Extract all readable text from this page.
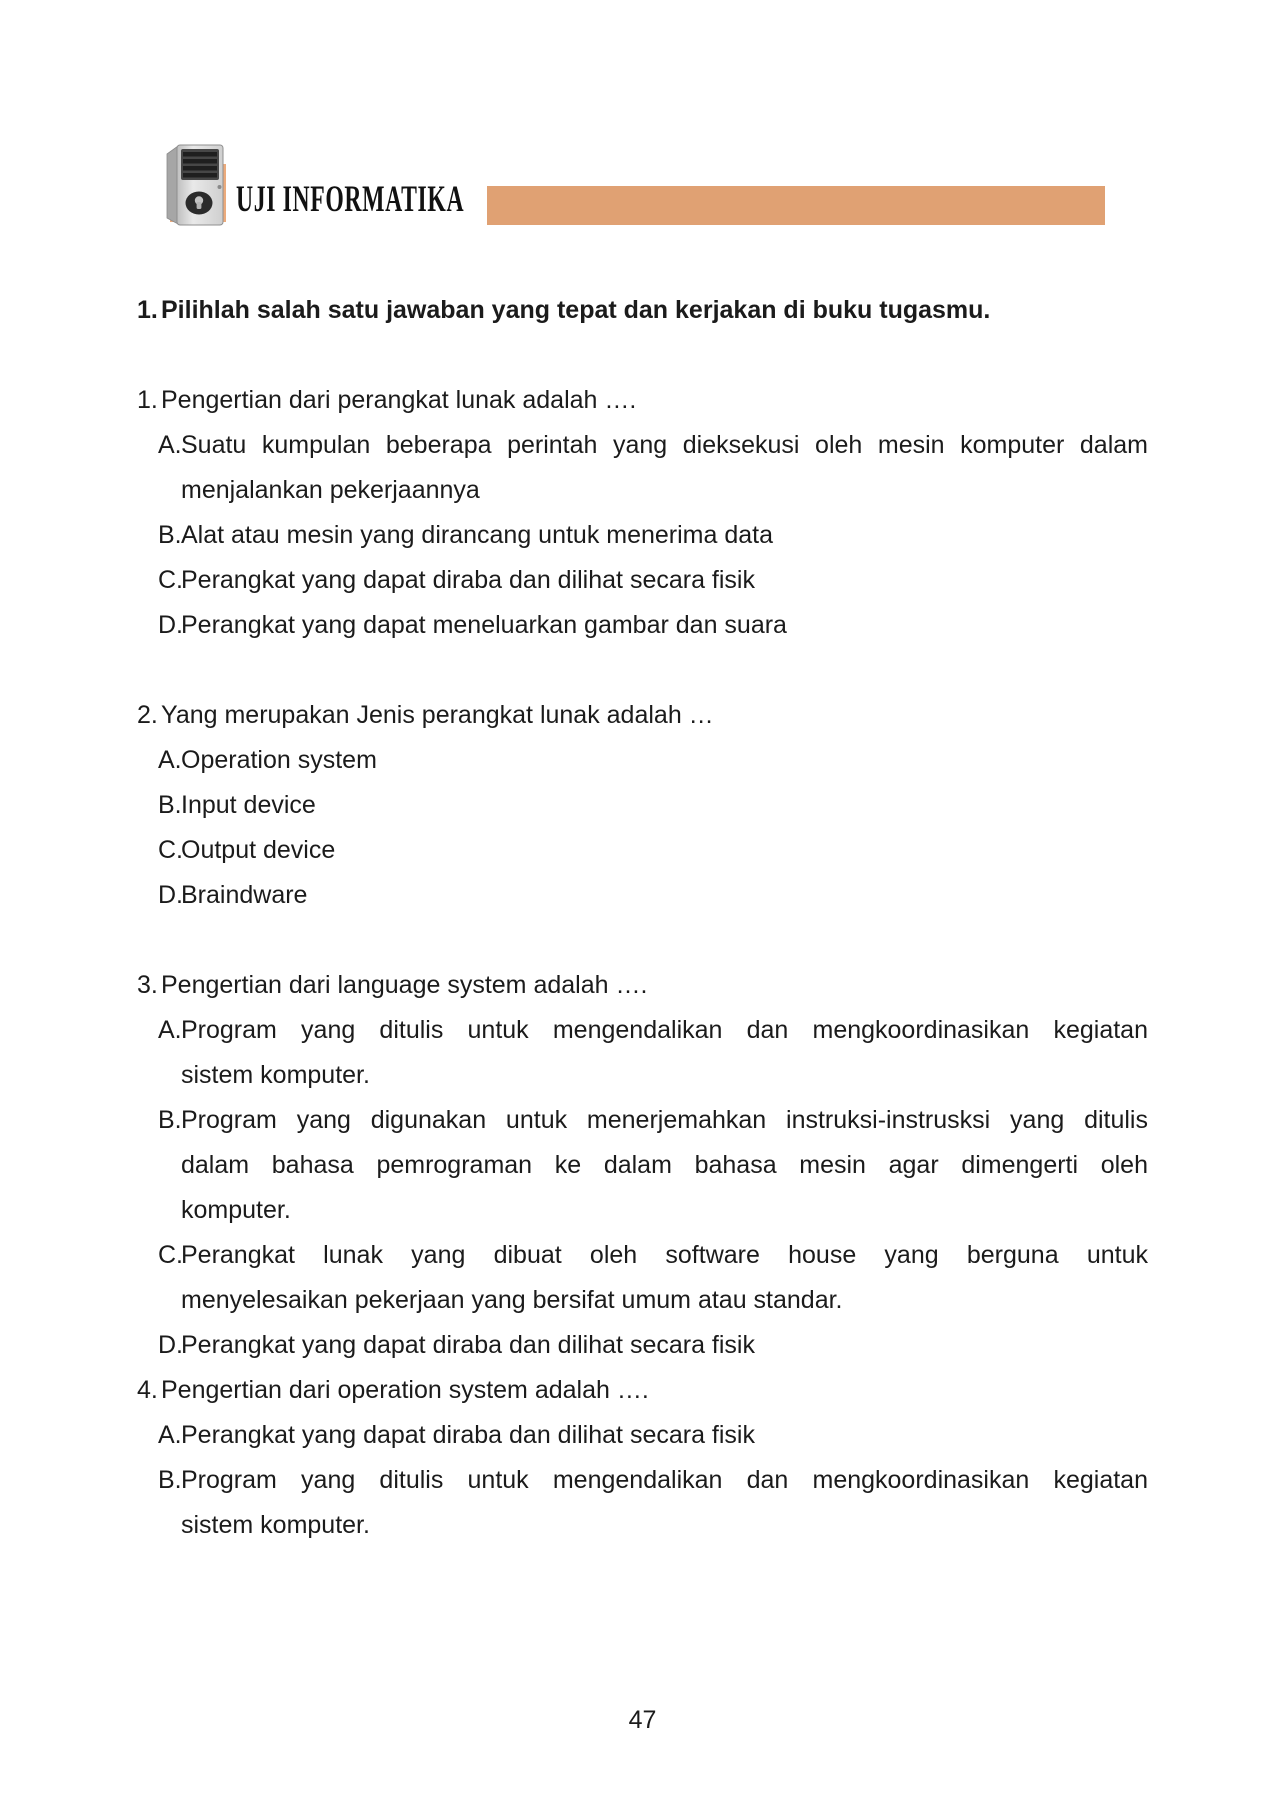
UJI INFORMATIKA

1. Pilihlah salah satu jawaban yang tepat dan kerjakan di buku tugasmu.

1. Pengertian dari perangkat lunak adalah ….

A. Suatu kumpulan beberapa perintah yang dieksekusi oleh mesin komputer dalam
menjalankan pekerjaannya
B. Alat atau mesin yang dirancang untuk menerima data
C.
Perangkat yang dapat diraba dan dilihat secara fisik
D.
Perangkat yang dapat meneluarkan gambar dan suara

2. Yang merupakan Jenis perangkat lunak adalah …

A. Operation system
B. Input device
C.
Output device
D.
Braindware

3. Pengertian dari language system adalah ….

A. Program yang ditulis untuk mengendalikan dan mengkoordinasikan kegiatan
sistem komputer.
B. Program yang digunakan untuk menerjemahkan instruksi-instrusksi yang ditulis
dalam bahasa pemrograman ke dalam bahasa mesin agar dimengerti oleh
komputer.
C.
Perangkat lunak yang dibuat oleh software house yang berguna untuk
menyelesaikan pekerjaan yang bersifat umum atau standar.
D.
Perangkat yang dapat diraba dan dilihat secara fisik

4. Pengertian dari operation system adalah ….

A. Perangkat yang dapat diraba dan dilihat secara fisik
B. Program yang ditulis untuk mengendalikan dan mengkoordinasikan kegiatan
sistem komputer.
47
